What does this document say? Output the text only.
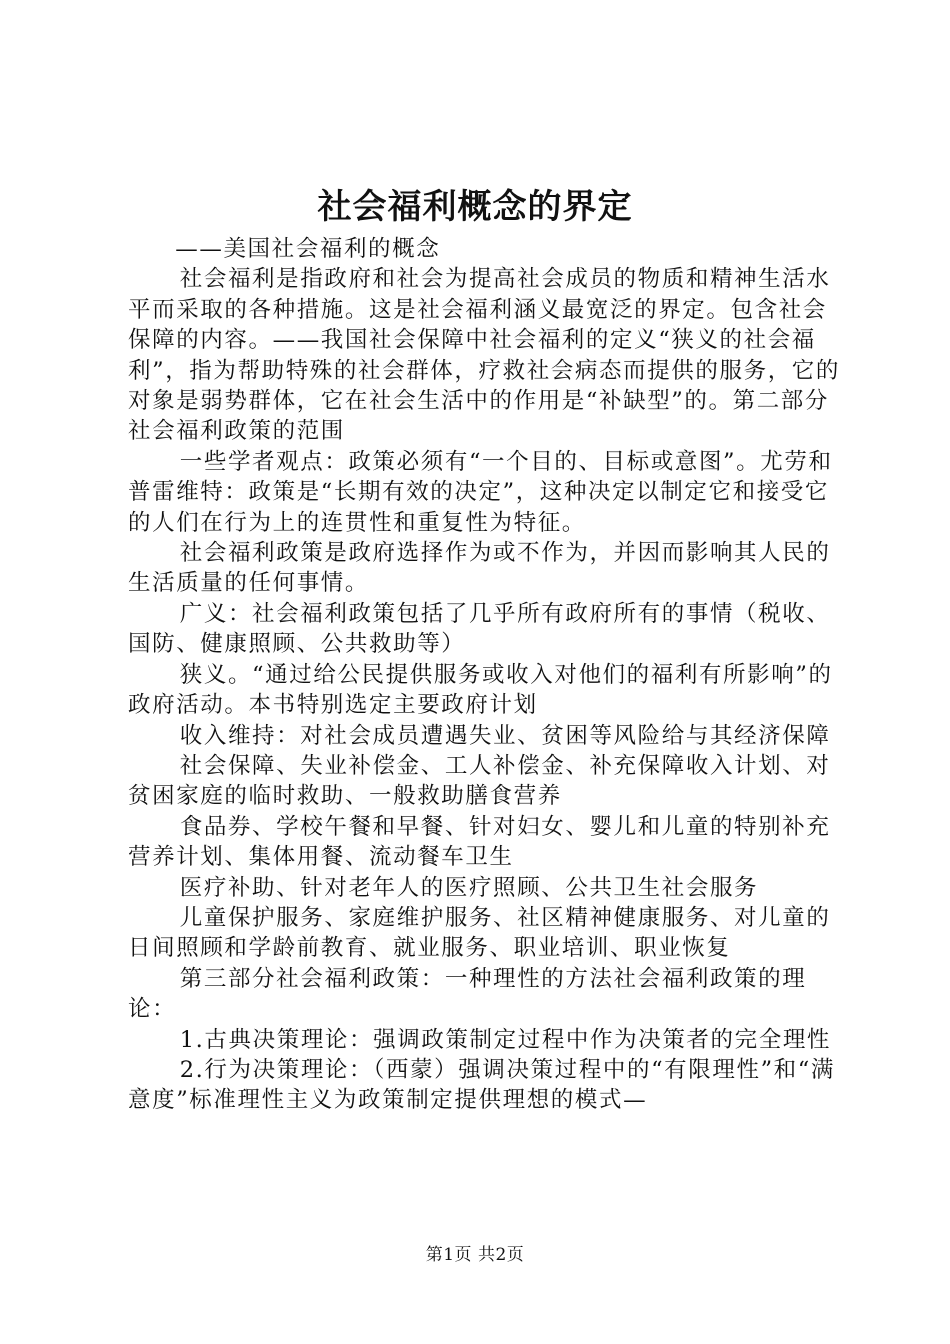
社会福利概念的界定

——美国社会福利的概念

社会福利是指政府和社会为提高社会成员的物质和精神生活水平而采取的各种措施。这是社会福利涵义最宽泛的界定。包含社会保障的内容。——我国社会保障中社会福利的定义“狭义的社会福利”，指为帮助特殊的社会群体，疗救社会病态而提供的服务，它的对象是弱势群体，它在社会生活中的作用是“补缺型”的。第二部分社会福利政策的范围

一些学者观点：政策必须有“一个目的、目标或意图”。尤劳和普雷维特：政策是“长期有效的决定”，这种决定以制定它和接受它的人们在行为上的连贯性和重复性为特征。

社会福利政策是政府选择作为或不作为，并因而影响其人民的生活质量的任何事情。

广义：社会福利政策包括了几乎所有政府所有的事情（税收、国防、健康照顾、公共救助等）

狭义。“通过给公民提供服务或收入对他们的福利有所影响”的政府活动。本书特别选定主要政府计划

收入维持：对社会成员遭遇失业、贫困等风险给与其经济保障

社会保障、失业补偿金、工人补偿金、补充保障收入计划、对贫困家庭的临时救助、一般救助膳食营养

食品券、学校午餐和早餐、针对妇女、婴儿和儿童的特别补充营养计划、集体用餐、流动餐车卫生

医疗补助、针对老年人的医疗照顾、公共卫生社会服务

儿童保护服务、家庭维护服务、社区精神健康服务、对儿童的日间照顾和学龄前教育、就业服务、职业培训、职业恢复

第三部分社会福利政策：一种理性的方法社会福利政策的理论：

1.古典决策理论：强调政策制定过程中作为决策者的完全理性

2.行为决策理论：（西蒙）强调决策过程中的“有限理性”和“满意度”标准理性主义为政策制定提供理想的模式—

第1页 共2页
